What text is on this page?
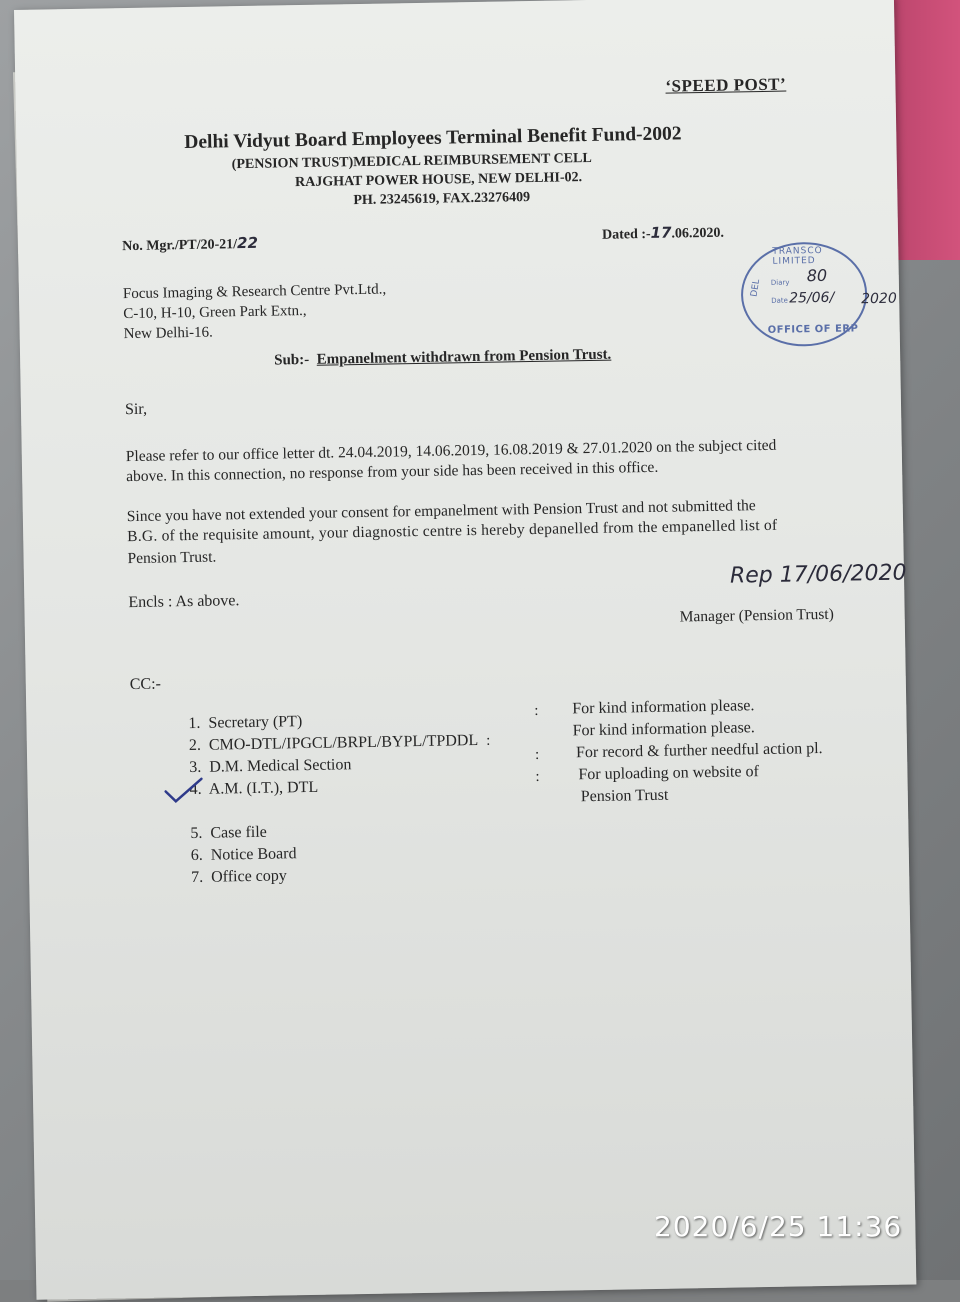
‘SPEED POST’
Delhi Vidyut Board Employees Terminal Benefit Fund-2002
(PENSION TRUST)MEDICAL REIMBURSEMENT CELL
RAJGHAT POWER HOUSE, NEW DELHI-02.
PH. 23245619, FAX.23276409
No. Mgr./PT/20-21/22	Dated :-17.06.2020.
Focus Imaging & Research Centre Pvt.Ltd.,
C-10, H-10, Green Park Extn.,
New Delhi-16.
TRANSCO LIMITED
DEL Diary
Date
80
25/06/ 2020
OFFICE OF ERP
Sub:- Empanelment withdrawn from Pension Trust.
Sir,
Please refer to our office letter dt. 24.04.2019, 14.06.2019, 16.08.2019 & 27.01.2020 on the subject cited
above. In this connection, no response from your side has been received in this office.
Since you have not extended your consent for empanelment with Pension Trust and not submitted the
B.G. of the requisite amount, your diagnostic centre is hereby depanelled from the empanelled list of
Pension Trust.
Encls : As above.
Rep 17/06/2020
Manager (Pension Trust)
CC:-
1. Secretary (PT)
2. CMO-DTL/IPGCL/BRPL/BYPL/TPDDL :
3. D.M. Medical Section
4. A.M. (I.T.), DTL
:
:
:
For kind information please.
For kind information please.
For record & further needful action pl.
For uploading on website of
Pension Trust
5. Case file
6. Notice Board
7. Office copy
2020/6/25 11:36
